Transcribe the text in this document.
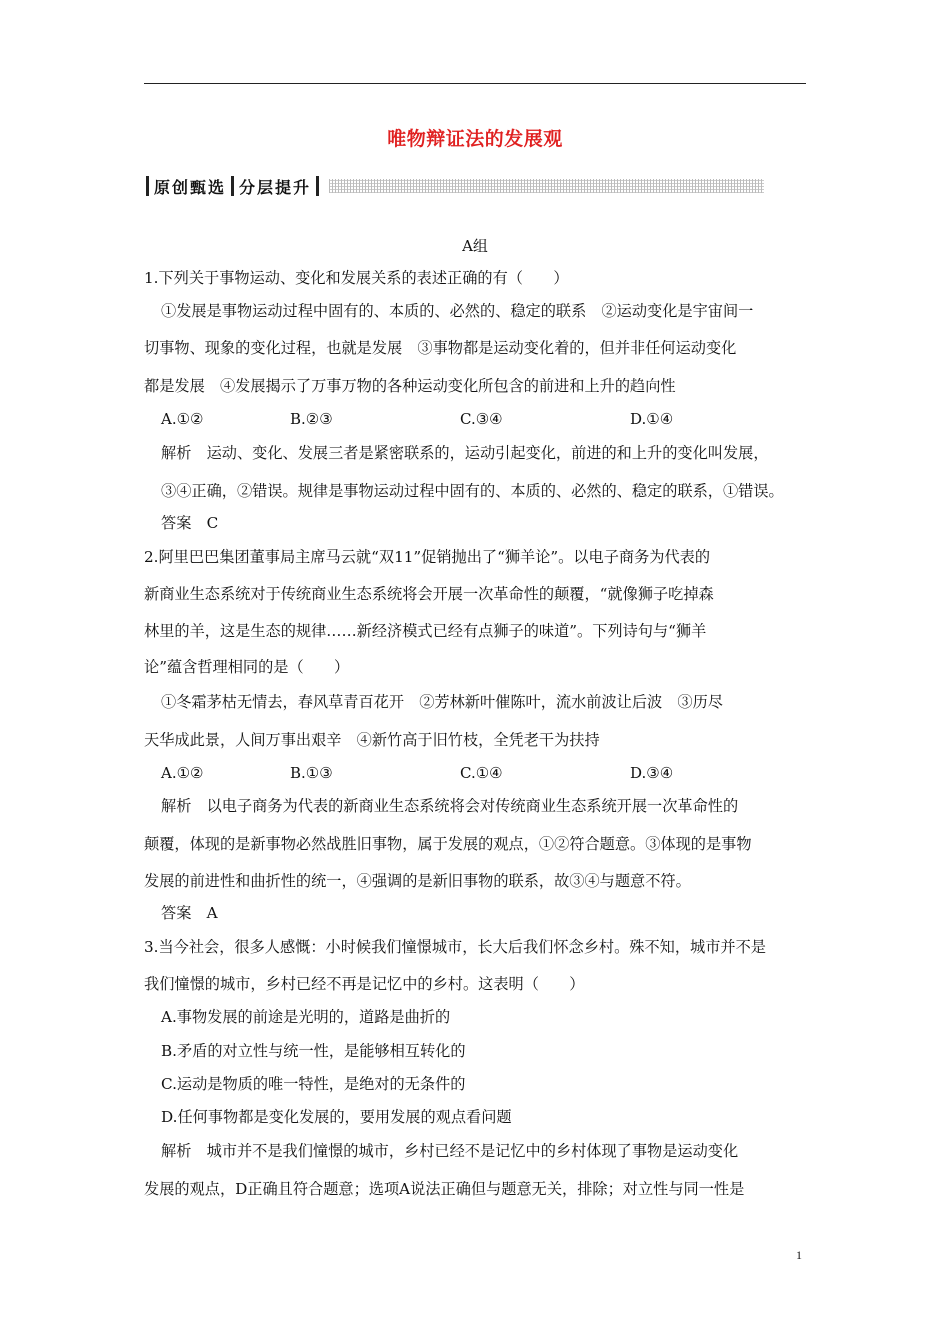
唯物辩证法的发展观
原创甄选 分层提升
A组
1.下列关于事物运动、变化和发展关系的表述正确的有（　　）
①发展是事物运动过程中固有的、本质的、必然的、稳定的联系　②运动变化是宇宙间一
切事物、现象的变化过程，也就是发展　③事物都是运动变化着的，但并非任何运动变化
都是发展　④发展揭示了万事万物的各种运动变化所包含的前进和上升的趋向性
A.①②	B.②③	C.③④	D.①④
解析　运动、变化、发展三者是紧密联系的，运动引起变化，前进的和上升的变化叫发展，
③④正确，②错误。规律是事物运动过程中固有的、本质的、必然的、稳定的联系，①错误。
答案　C
2.阿里巴巴集团董事局主席马云就“双11”促销抛出了“狮羊论”。以电子商务为代表的
新商业生态系统对于传统商业生态系统将会开展一次革命性的颠覆，“就像狮子吃掉森
林里的羊，这是生态的规律……新经济模式已经有点狮子的味道”。下列诗句与“狮羊
论”蕴含哲理相同的是（　　）
①冬霜茅枯无情去，春风草青百花开　②芳林新叶催陈叶，流水前波让后波　③历尽
天华成此景，人间万事出艰辛　④新竹高于旧竹枝，全凭老干为扶持
A.①②	B.①③	C.①④	D.③④
解析　以电子商务为代表的新商业生态系统将会对传统商业生态系统开展一次革命性的
颠覆，体现的是新事物必然战胜旧事物，属于发展的观点，①②符合题意。③体现的是事物
发展的前进性和曲折性的统一，④强调的是新旧事物的联系，故③④与题意不符。
答案　A
3.当今社会，很多人感慨：小时候我们憧憬城市，长大后我们怀念乡村。殊不知，城市并不是
我们憧憬的城市，乡村已经不再是记忆中的乡村。这表明（　　）
A.事物发展的前途是光明的，道路是曲折的
B.矛盾的对立性与统一性，是能够相互转化的
C.运动是物质的唯一特性，是绝对的无条件的
D.任何事物都是变化发展的，要用发展的观点看问题
解析　城市并不是我们憧憬的城市，乡村已经不是记忆中的乡村体现了事物是运动变化
发展的观点，D正确且符合题意；选项A说法正确但与题意无关，排除；对立性与同一性是
1
